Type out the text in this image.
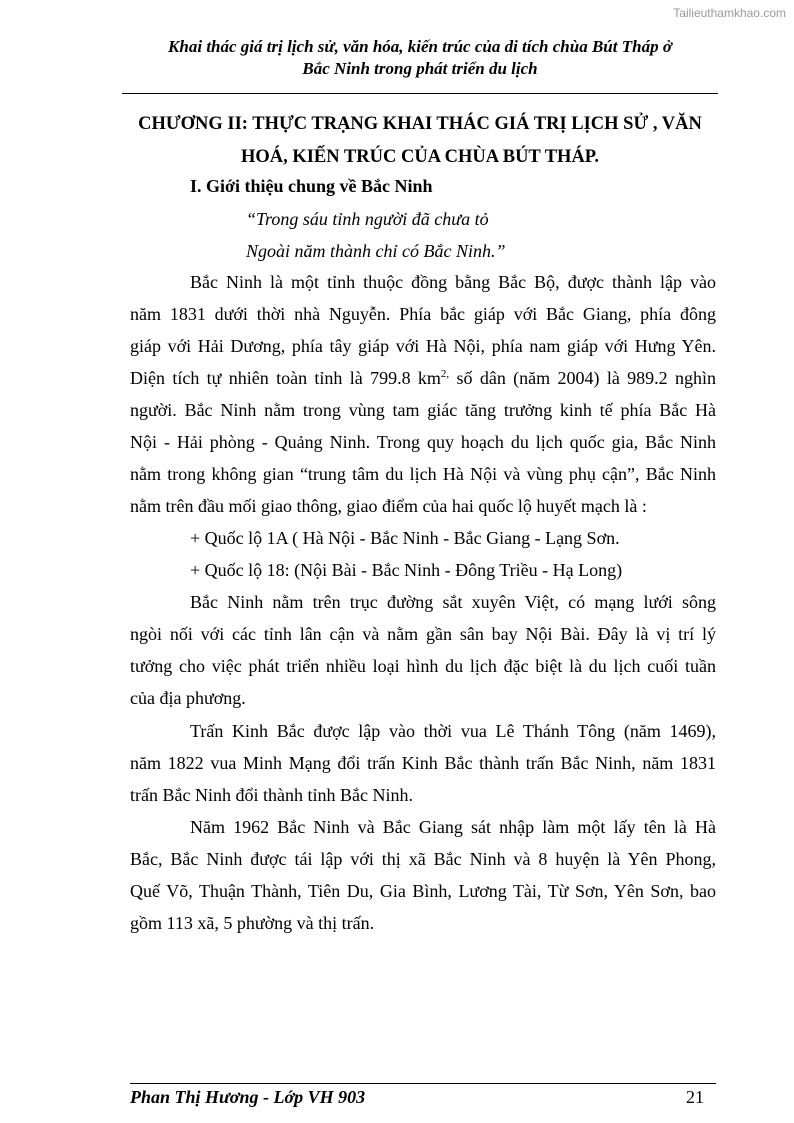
Tailieuthamkhao.com
Khai thác giá trị lịch sử, văn hóa, kiến trúc của di tích chùa Bút Tháp ở
Bắc Ninh trong phát triển du lịch
CHƯƠNG II: THỰC TRẠNG KHAI THÁC GIÁ TRỊ LỊCH SỬ , VĂN
HOÁ, KIẾN TRÚC CỦA CHÙA BÚT THÁP.
I. Giới thiệu chung về Bắc Ninh
“Trong sáu tỉnh người đã chưa tỏ
Ngoài năm thành chỉ có Bắc Ninh.”
Bắc Ninh là một tỉnh thuộc đồng bằng Bắc Bộ, được thành lập vào
năm 1831 dưới thời nhà Nguyễn. Phía bắc giáp với Bắc Giang, phía đông
giáp với Hải Dương, phía tây giáp với Hà Nội, phía nam giáp với Hưng Yên.
Diện tích tự nhiên toàn tỉnh là 799.8 $km^{2,}$ số dân (năm 2004) là 989.2 nghìn
người. Bắc Ninh nằm trong vùng tam giác tăng trưởng kinh tế phía Bắc Hà
Nội - Hải phòng - Quảng Ninh. Trong quy hoạch du lịch quốc gia, Bắc Ninh
nằm trong không gian “trung tâm du lịch Hà Nội và vùng phụ cận”, Bắc Ninh
nằm trên đầu mối giao thông, giao điểm của hai quốc lộ huyết mạch là :
+ Quốc lộ 1A ( Hà Nội - Bắc Ninh - Bắc Giang - Lạng Sơn.
+ Quốc lộ 18: (Nội Bài - Bắc Ninh - Đông Triều - Hạ Long)
Bắc Ninh nằm trên trục đường sắt xuyên Việt, có mạng lưới sông
ngòi nối với các tỉnh lân cận và nằm gần sân bay Nội Bài. Đây là vị trí lý
tưởng cho việc phát triển nhiều loại hình du lịch đặc biệt là du lịch cuối tuần
của địa phương.
Trấn Kinh Bắc được lập vào thời vua Lê Thánh Tông (năm 1469),
năm 1822 vua Minh Mạng đổi trấn Kinh Bắc thành trấn Bắc Ninh, năm 1831
trấn Bắc Ninh đổi thành tỉnh Bắc Ninh.
Năm 1962 Bắc Ninh và Bắc Giang sát nhập làm một lấy tên là Hà
Bắc, Bắc Ninh được tái lập với thị xã Bắc Ninh và 8 huyện là Yên Phong,
Quế Võ, Thuận Thành, Tiên Du, Gia Bình, Lương Tài, Từ Sơn, Yên Sơn, bao
gồm 113 xã, 5 phường và thị trấn.
Phan Thị Hương - Lớp VH 903	21
